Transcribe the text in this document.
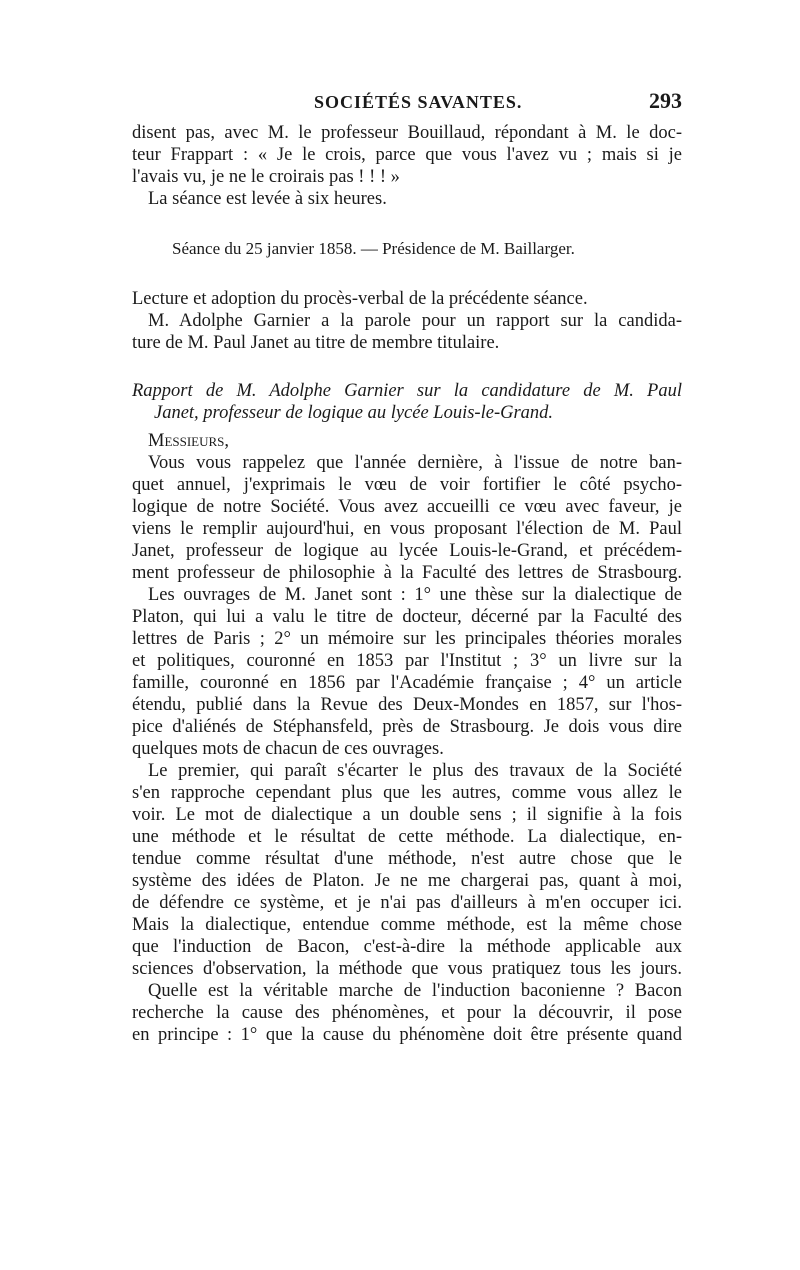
SOCIÉTÉS SAVANTES.	293
disent pas, avec M. le professeur Bouillaud, répondant à M. le doc-
teur Frappart : « Je le crois, parce que vous l'avez vu ; mais si je
l'avais vu, je ne le croirais pas ! ! ! »
La séance est levée à six heures.
Séance du 25 janvier 1858. — Présidence de M. Baillarger.
Lecture et adoption du procès-verbal de la précédente séance.
M. Adolphe Garnier a la parole pour un rapport sur la candida-
ture de M. Paul Janet au titre de membre titulaire.
Rapport de M. Adolphe Garnier sur la candidature de M. Paul
Janet, professeur de logique au lycée Louis-le-Grand.
Messieurs,
Vous vous rappelez que l'année dernière, à l'issue de notre ban-
quet annuel, j'exprimais le vœu de voir fortifier le côté psycho-
logique de notre Société. Vous avez accueilli ce vœu avec faveur, je
viens le remplir aujourd'hui, en vous proposant l'élection de M. Paul
Janet, professeur de logique au lycée Louis-le-Grand, et précédem-
ment professeur de philosophie à la Faculté des lettres de Strasbourg.
Les ouvrages de M. Janet sont : 1° une thèse sur la dialectique de
Platon, qui lui a valu le titre de docteur, décerné par la Faculté des
lettres de Paris ; 2° un mémoire sur les principales théories morales
et politiques, couronné en 1853 par l'Institut ; 3° un livre sur la
famille, couronné en 1856 par l'Académie française ; 4° un article
étendu, publié dans la Revue des Deux-Mondes en 1857, sur l'hos-
pice d'aliénés de Stéphansfeld, près de Strasbourg. Je dois vous dire
quelques mots de chacun de ces ouvrages.
Le premier, qui paraît s'écarter le plus des travaux de la Société
s'en rapproche cependant plus que les autres, comme vous allez le
voir. Le mot de dialectique a un double sens ; il signifie à la fois
une méthode et le résultat de cette méthode. La dialectique, en-
tendue comme résultat d'une méthode, n'est autre chose que le
système des idées de Platon. Je ne me chargerai pas, quant à moi,
de défendre ce système, et je n'ai pas d'ailleurs à m'en occuper ici.
Mais la dialectique, entendue comme méthode, est la même chose
que l'induction de Bacon, c'est-à-dire la méthode applicable aux
sciences d'observation, la méthode que vous pratiquez tous les jours.
Quelle est la véritable marche de l'induction baconienne ? Bacon
recherche la cause des phénomènes, et pour la découvrir, il pose
en principe : 1° que la cause du phénomène doit être présente quand
